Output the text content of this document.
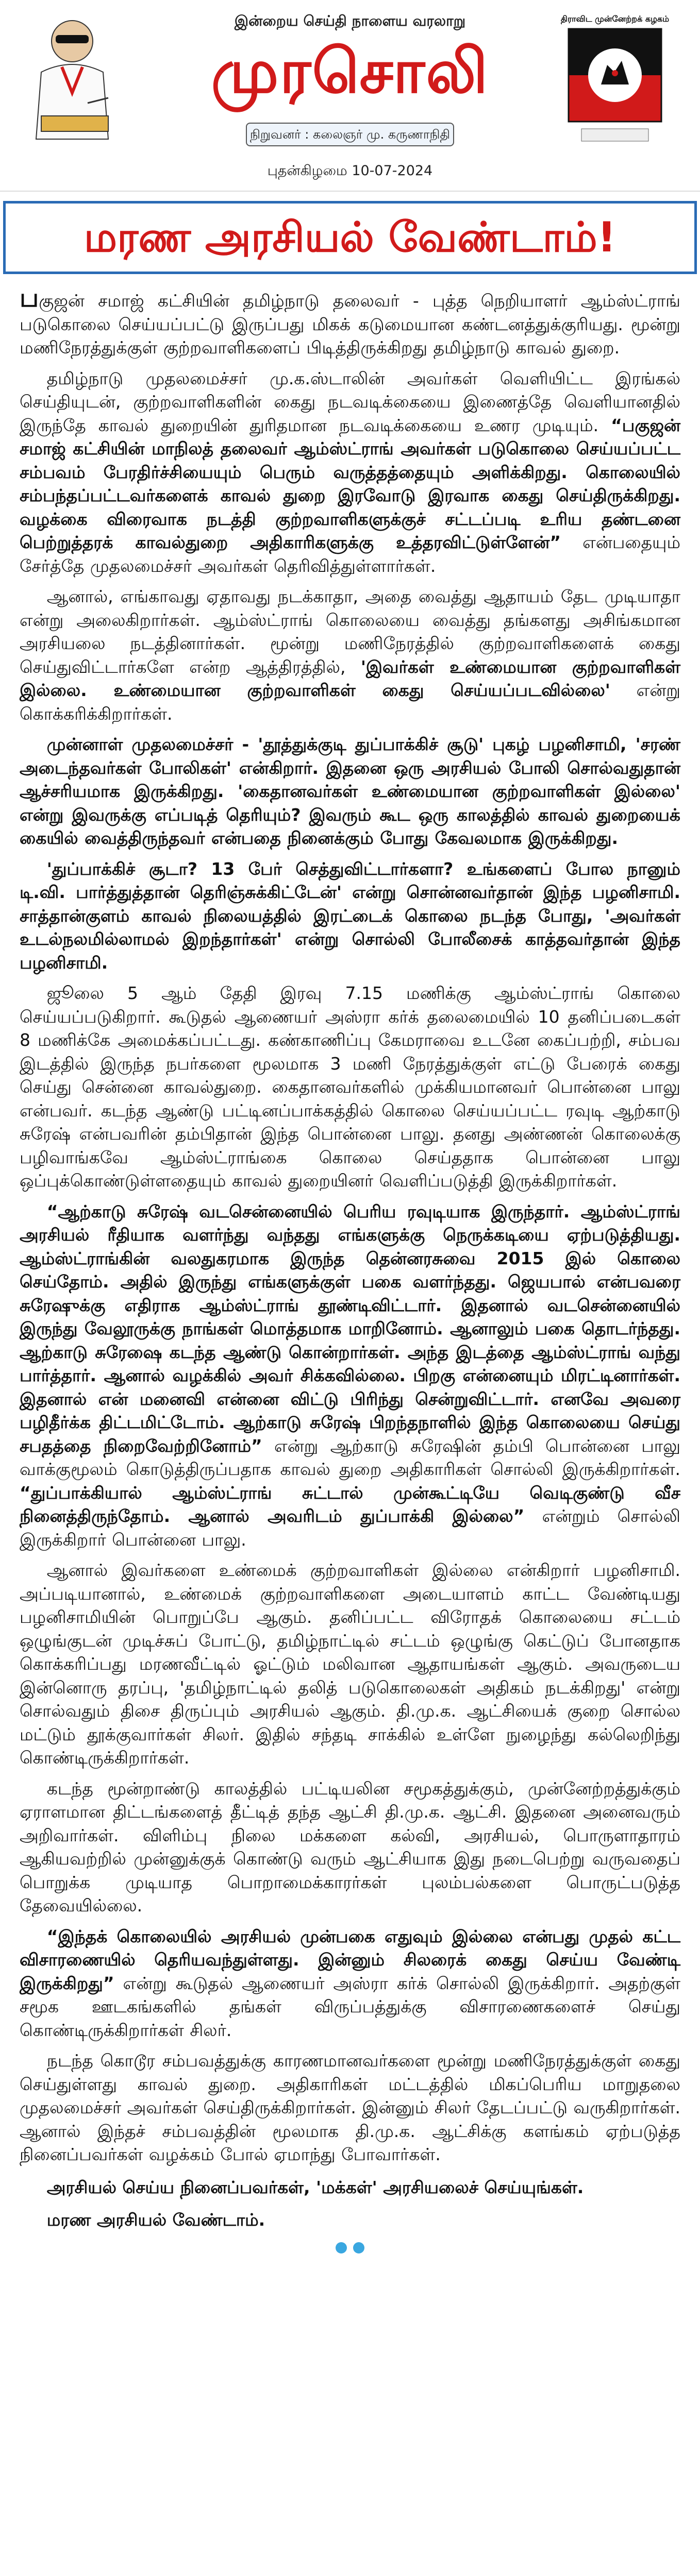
இன்றைய செய்தி நாளைய வரலாறு
முரசொலி
நிறுவனர் : கலைஞர் மு. கருணாநிதி
புதன்கிழமை 10-07-2024
திராவிட முன்னேற்றக் கழகம்
மரண அரசியல் வேண்டாம்!

பகுஜன் சமாஜ் கட்சியின் தமிழ்நாடு தலைவர் - புத்த நெறியாளர் ஆம்ஸ்ட்ராங் படுகொலை செய்யப்பட்டு இருப்பது மிகக் கடுமையான கண்டனத்துக்குரியது. மூன்று மணிநேரத்துக்குள் குற்றவாளிகளைப் பிடித்திருக்கிறது தமிழ்நாடு காவல் துறை.

தமிழ்நாடு முதலமைச்சர் மு.க.ஸ்டாலின் அவர்கள் வெளியிட்ட இரங்கல் செய்தியுடன், குற்றவாளிகளின் கைது நடவடிக்கையை இணைத்தே வெளியானதில் இருந்தே காவல் துறையின் துரிதமான நடவடிக்கையை உணர முடியும். “பகுஜன் சமாஜ் கட்சியின் மாநிலத் தலைவர் ஆம்ஸ்ட்ராங் அவர்கள் படுகொலை செய்யப்பட்ட சம்பவம் பேரதிர்ச்சியையும் பெரும் வருத்தத்தையும் அளிக்கிறது. கொலையில் சம்பந்தப்பட்டவர்களைக் காவல் துறை இரவோடு இரவாக கைது செய்திருக்கிறது. வழக்கை விரைவாக நடத்தி குற்றவாளிகளுக்குச் சட்டப்படி உரிய தண்டனை பெற்றுத்தரக் காவல்துறை அதிகாரிகளுக்கு உத்தரவிட்டுள்ளேன்” என்பதையும் சேர்த்தே முதலமைச்சர் அவர்கள் தெரிவித்துள்ளார்கள்.

ஆனால், எங்காவது ஏதாவது நடக்காதா, அதை வைத்து ஆதாயம் தேட முடியாதா என்று அலைகிறார்கள். ஆம்ஸ்ட்ராங் கொலையை வைத்து தங்களது அசிங்கமான அரசியலை நடத்தினார்கள். மூன்று மணிநேரத்தில் குற்றவாளிகளைக் கைது செய்துவிட்டார்களே என்ற ஆத்திரத்தில், 'இவர்கள் உண்மையான குற்றவாளிகள் இல்லை. உண்மையான குற்றவாளிகள் கைது செய்யப்படவில்லை' என்று கொக்கரிக்கிறார்கள்.

முன்னாள் முதலமைச்சர் - 'தூத்துக்குடி துப்பாக்கிச் சூடு' புகழ் பழனிசாமி, 'சரண் அடைந்தவர்கள் போலிகள்' என்கிறார். இதனை ஒரு அரசியல் போலி சொல்வதுதான் ஆச்சரியமாக இருக்கிறது. 'கைதானவர்கள் உண்மையான குற்றவாளிகள் இல்லை' என்று இவருக்கு எப்படித் தெரியும்? இவரும் கூட ஒரு காலத்தில் காவல் துறையைக் கையில் வைத்திருந்தவர் என்பதை நினைக்கும் போது கேவலமாக இருக்கிறது.

'துப்பாக்கிச் சூடா? 13 பேர் செத்துவிட்டார்களா? உங்களைப் போல நானும் டி.வி. பார்த்துத்தான் தெரிஞ்சுக்கிட்டேன்' என்று சொன்னவர்தான் இந்த பழனிசாமி. சாத்தான்குளம் காவல் நிலையத்தில் இரட்டைக் கொலை நடந்த போது, 'அவர்கள் உடல்நலமில்லாமல் இறந்தார்கள்' என்று சொல்லி போலீசைக் காத்தவர்தான் இந்த பழனிசாமி.

ஜூலை 5 ஆம் தேதி இரவு 7.15 மணிக்கு ஆம்ஸ்ட்ராங் கொலை செய்யப்படுகிறார். கூடுதல் ஆணையர் அஸ்ரா கர்க் தலைமையில் 10 தனிப்படைகள் 8 மணிக்கே அமைக்கப்பட்டது. கண்காணிப்பு கேமராவை உடனே கைப்பற்றி, சம்பவ இடத்தில் இருந்த நபர்களை மூலமாக 3 மணி நேரத்துக்குள் எட்டு பேரைக் கைது செய்து சென்னை காவல்துறை. கைதானவர்களில் முக்கியமானவர் பொன்னை பாலு என்பவர். கடந்த ஆண்டு பட்டினப்பாக்கத்தில் கொலை செய்யப்பட்ட ரவுடி ஆற்காடு சுரேஷ் என்பவரின் தம்பிதான் இந்த பொன்னை பாலு. தனது அண்ணன் கொலைக்கு பழிவாங்கவே ஆம்ஸ்ட்ராங்கை கொலை செய்ததாக பொன்னை பாலு ஒப்புக்கொண்டுள்ளதையும் காவல் துறையினர் வெளிப்படுத்தி இருக்கிறார்கள்.

“ஆற்காடு சுரேஷ் வடசென்னையில் பெரிய ரவுடியாக இருந்தார். ஆம்ஸ்ட்ராங் அரசியல் ரீதியாக வளர்ந்து வந்தது எங்களுக்கு நெருக்கடியை ஏற்படுத்தியது. ஆம்ஸ்ட்ராங்கின் வலதுகரமாக இருந்த தென்னரசுவை 2015 இல் கொலை செய்தோம். அதில் இருந்து எங்களுக்குள் பகை வளர்ந்தது. ஜெயபால் என்பவரை சுரேஷுக்கு எதிராக ஆம்ஸ்ட்ராங் தூண்டிவிட்டார். இதனால் வடசென்னையில் இருந்து வேலூருக்கு நாங்கள் மொத்தமாக மாறினோம். ஆனாலும் பகை தொடர்ந்தது. ஆற்காடு சுரேஷை கடந்த ஆண்டு கொன்றார்கள். அந்த இடத்தை ஆம்ஸ்ட்ராங் வந்து பார்த்தார். ஆனால் வழக்கில் அவர் சிக்கவில்லை. பிறகு என்னையும் மிரட்டினார்கள். இதனால் என் மனைவி என்னை விட்டு பிரிந்து சென்றுவிட்டார். எனவே அவரை பழிதீர்க்க திட்டமிட்டோம். ஆற்காடு சுரேஷ் பிறந்தநாளில் இந்த கொலையை செய்து சபதத்தை நிறைவேற்றினோம்” என்று ஆற்காடு சுரேஷின் தம்பி பொன்னை பாலு வாக்குமூலம் கொடுத்திருப்பதாக காவல் துறை அதிகாரிகள் சொல்லி இருக்கிறார்கள். “துப்பாக்கியால் ஆம்ஸ்ட்ராங் சுட்டால் முன்கூட்டியே வெடிகுண்டு வீச நினைத்திருந்தோம். ஆனால் அவரிடம் துப்பாக்கி இல்லை” என்றும் சொல்லி இருக்கிறார் பொன்னை பாலு.

ஆனால் இவர்களை உண்மைக் குற்றவாளிகள் இல்லை என்கிறார் பழனிசாமி. அப்படியானால், உண்மைக் குற்றவாளிகளை அடையாளம் காட்ட வேண்டியது பழனிசாமியின் பொறுப்பே ஆகும். தனிப்பட்ட விரோதக் கொலையை சட்டம் ஒழுங்குடன் முடிச்சுப் போட்டு, தமிழ்நாட்டில் சட்டம் ஒழுங்கு கெட்டுப் போனதாக கொக்கரிப்பது மரணவீட்டில் ஓட்டும் மலிவான ஆதாயங்கள் ஆகும். அவருடைய இன்னொரு தரப்பு, 'தமிழ்நாட்டில் தலித் படுகொலைகள் அதிகம் நடக்கிறது' என்று சொல்வதும் திசை திருப்பும் அரசியல் ஆகும். தி.மு.க. ஆட்சியைக் குறை சொல்ல மட்டும் தூக்குவார்கள் சிலர். இதில் சந்தடி சாக்கில் உள்ளே நுழைந்து கல்லெறிந்து கொண்டிருக்கிறார்கள்.

கடந்த மூன்றாண்டு காலத்தில் பட்டியலின சமூகத்துக்கும், முன்னேற்றத்துக்கும் ஏராளமான திட்டங்களைத் தீட்டித் தந்த ஆட்சி தி.மு.க. ஆட்சி. இதனை அனைவரும் அறிவார்கள். விளிம்பு நிலை மக்களை கல்வி, அரசியல், பொருளாதாரம் ஆகியவற்றில் முன்னுக்குக் கொண்டு வரும் ஆட்சியாக இது நடைபெற்று வருவதைப் பொறுக்க முடியாத பொறாமைக்காரர்கள் புலம்பல்களை பொருட்படுத்த தேவையில்லை.

“இந்தக் கொலையில் அரசியல் முன்பகை எதுவும் இல்லை என்பது முதல் கட்ட விசாரணையில் தெரியவந்துள்ளது. இன்னும் சிலரைக் கைது செய்ய வேண்டி இருக்கிறது” என்று கூடுதல் ஆணையர் அஸ்ரா கர்க் சொல்லி இருக்கிறார். அதற்குள் சமூக ஊடகங்களில் தங்கள் விருப்பத்துக்கு விசாரணைகளைச் செய்து கொண்டிருக்கிறார்கள் சிலர்.

நடந்த கொடூர சம்பவத்துக்கு காரணமானவர்களை மூன்று மணிநேரத்துக்குள் கைது செய்துள்ளது காவல் துறை. அதிகாரிகள் மட்டத்தில் மிகப்பெரிய மாறுதலை முதலமைச்சர் அவர்கள் செய்திருக்கிறார்கள். இன்னும் சிலர் தேடப்பட்டு வருகிறார்கள். ஆனால் இந்தச் சம்பவத்தின் மூலமாக தி.மு.க. ஆட்சிக்கு களங்கம் ஏற்படுத்த நினைப்பவர்கள் வழக்கம் போல் ஏமாந்து போவார்கள்.

அரசியல் செய்ய நினைப்பவர்கள், 'மக்கள்' அரசியலைச் செய்யுங்கள்.

மரண அரசியல் வேண்டாம்.
